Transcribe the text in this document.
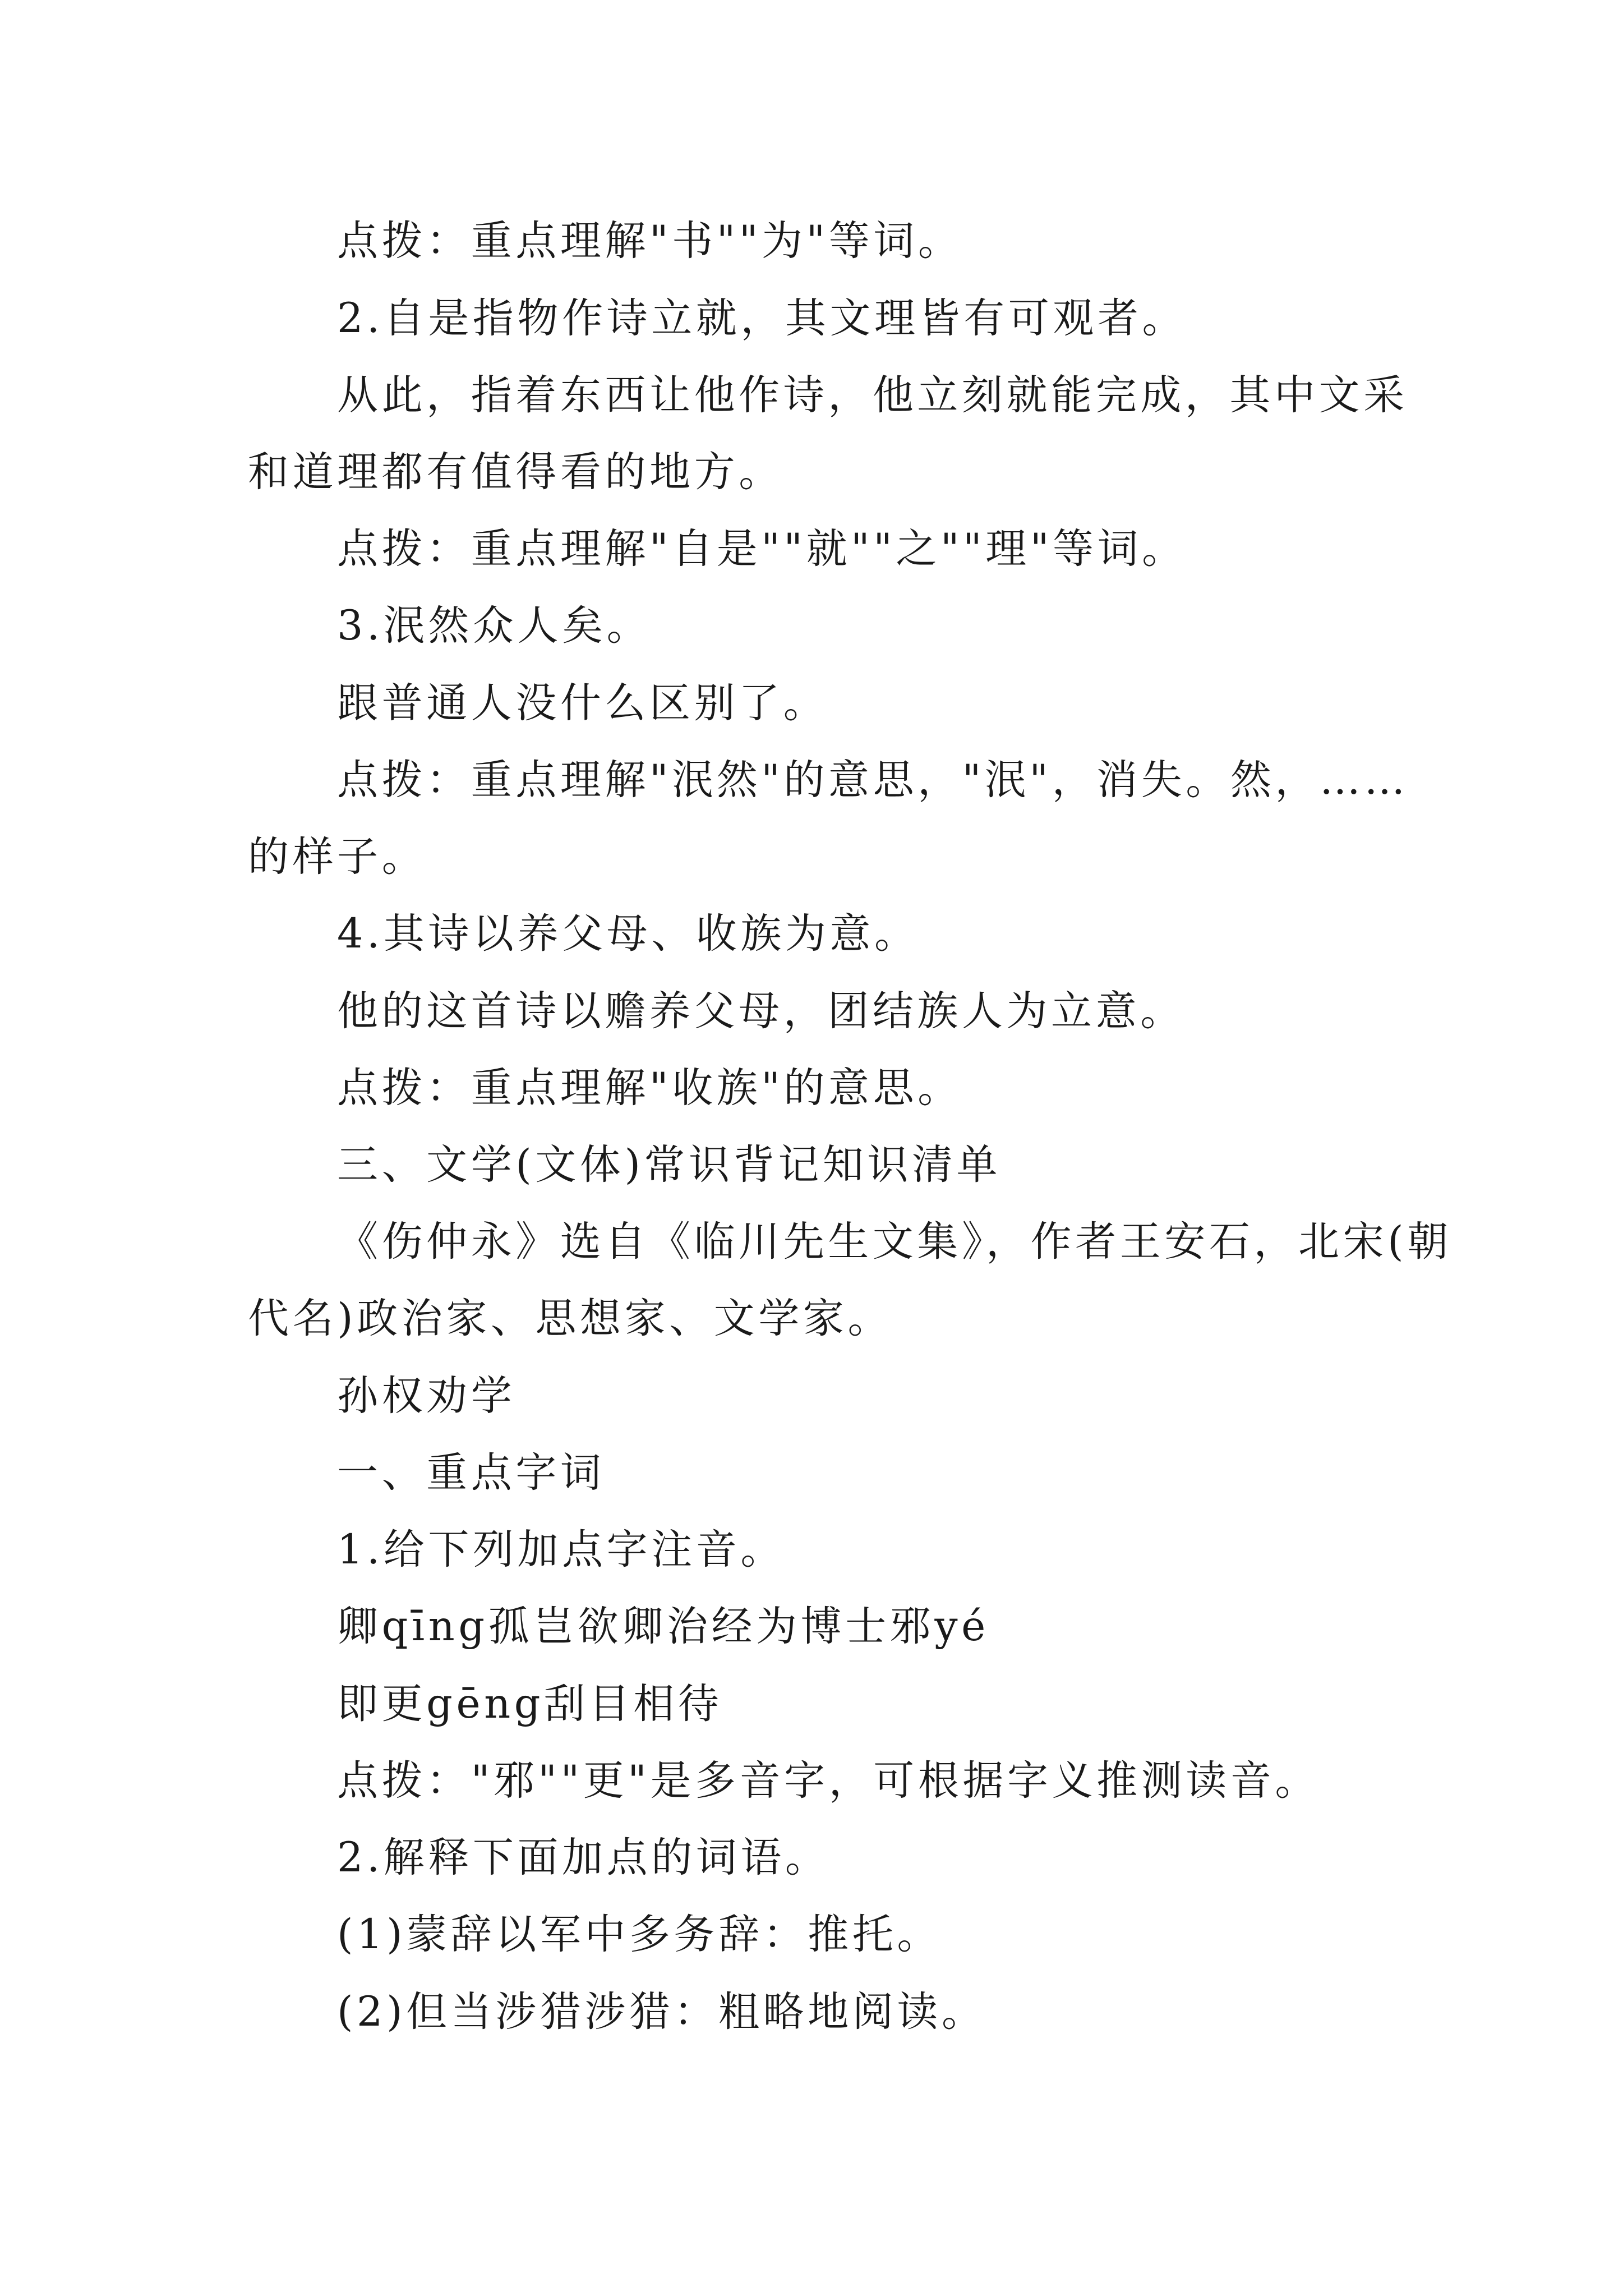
点拨：重点理解"书""为"等词。
2.自是指物作诗立就，其文理皆有可观者。
从此，指着东西让他作诗，他立刻就能完成，其中文采
和道理都有值得看的地方。
点拨：重点理解"自是""就""之""理"等词。
3.泯然众人矣。
跟普通人没什么区别了。
点拨：重点理解"泯然"的意思，"泯"，消失。然，……
的样子。
4.其诗以养父母、收族为意。
他的这首诗以赡养父母，团结族人为立意。
点拨：重点理解"收族"的意思。
三、文学(文体)常识背记知识清单
《伤仲永》选自《临川先生文集》，作者王安石，北宋(朝
代名)政治家、思想家、文学家。
孙权劝学
一、重点字词
1.给下列加点字注音。
卿qīng孤岂欲卿治经为博士邪yé
即更gēng刮目相待
点拨："邪""更"是多音字，可根据字义推测读音。
2.解释下面加点的词语。
(1)蒙辞以军中多务辞：推托。
(2)但当涉猎涉猎：粗略地阅读。
